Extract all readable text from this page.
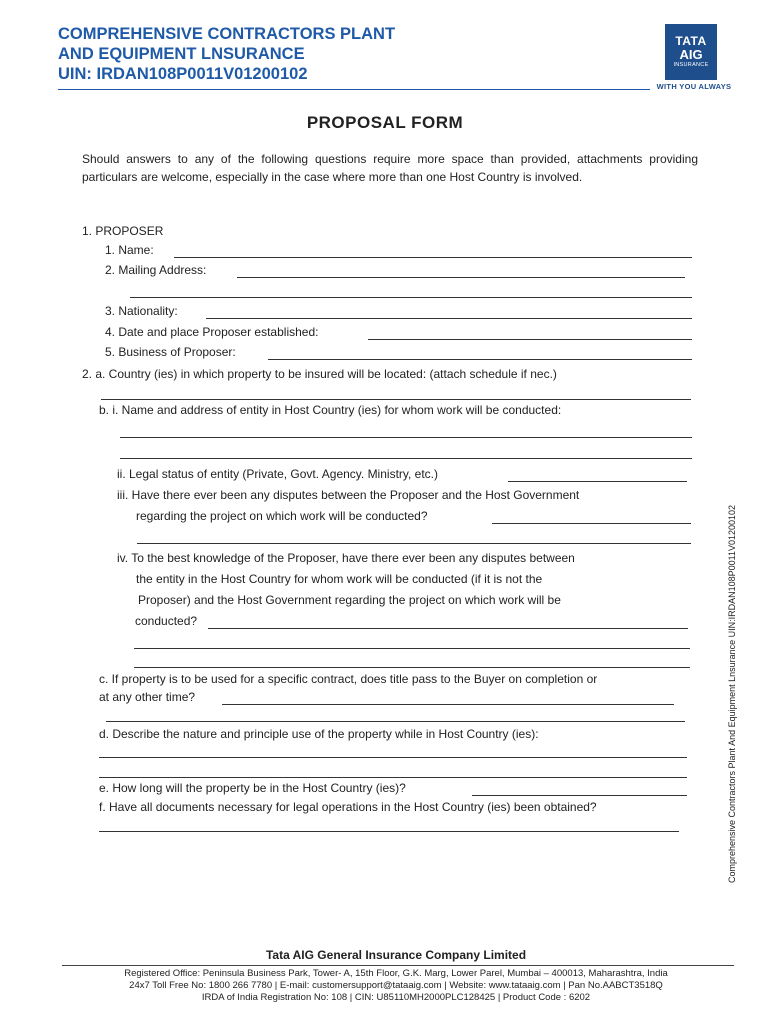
COMPREHENSIVE CONTRACTORS PLANT
AND EQUIPMENT LNSURANCE
UIN: IRDAN108P0011V01200102
TATA
AIG
INSURANCE
WITH YOU ALWAYS
PROPOSAL FORM
Should answers to any of the following questions require more space than provided, attachments providing particulars are welcome, especially in the case where more than one Host Country is involved.
1. PROPOSER
1. Name:
2. Mailing Address:
3. Nationality:
4. Date and place Proposer established:
5. Business of Proposer:
2. a. Country (ies) in which property to be insured will be located: (attach schedule if nec.)
b. i. Name and address of entity in Host Country (ies) for whom work will be conducted:
ii. Legal status of entity (Private, Govt. Agency. Ministry, etc.)
iii. Have there ever been any disputes between the Proposer and the Host Government
regarding the project on which work will be conducted?
iv. To the best knowledge of the Proposer, have there ever been any disputes between
the entity in the Host Country for whom work will be conducted (if it is not the
Proposer) and the Host Government regarding the project on which work will be
conducted?
c. If property is to be used for a specific contract, does title pass to the Buyer on completion or
at any other time?
d. Describe the nature and principle use of the property while in Host Country (ies):
e. How long will the property be in the Host Country (ies)?
f. Have all documents necessary for legal operations in the Host Country (ies) been obtained?	Comprehensive Contractors Plant And Equipment Lnsurance UIN:IRDAN108P0011V01200102
Tata AIG General Insurance Company Limited
Registered Office: Peninsula Business Park, Tower- A, 15th Floor, G.K. Marg, Lower Parel, Mumbai – 400013, Maharashtra, India
24x7 Toll Free No: 1800 266 7780 | E-mail: customersupport@tataaig.com | Website: www.tataaig.com | Pan No.AABCT3518Q
IRDA of India Registration No: 108 | CIN: U85110MH2000PLC128425 | Product Code : 6202
